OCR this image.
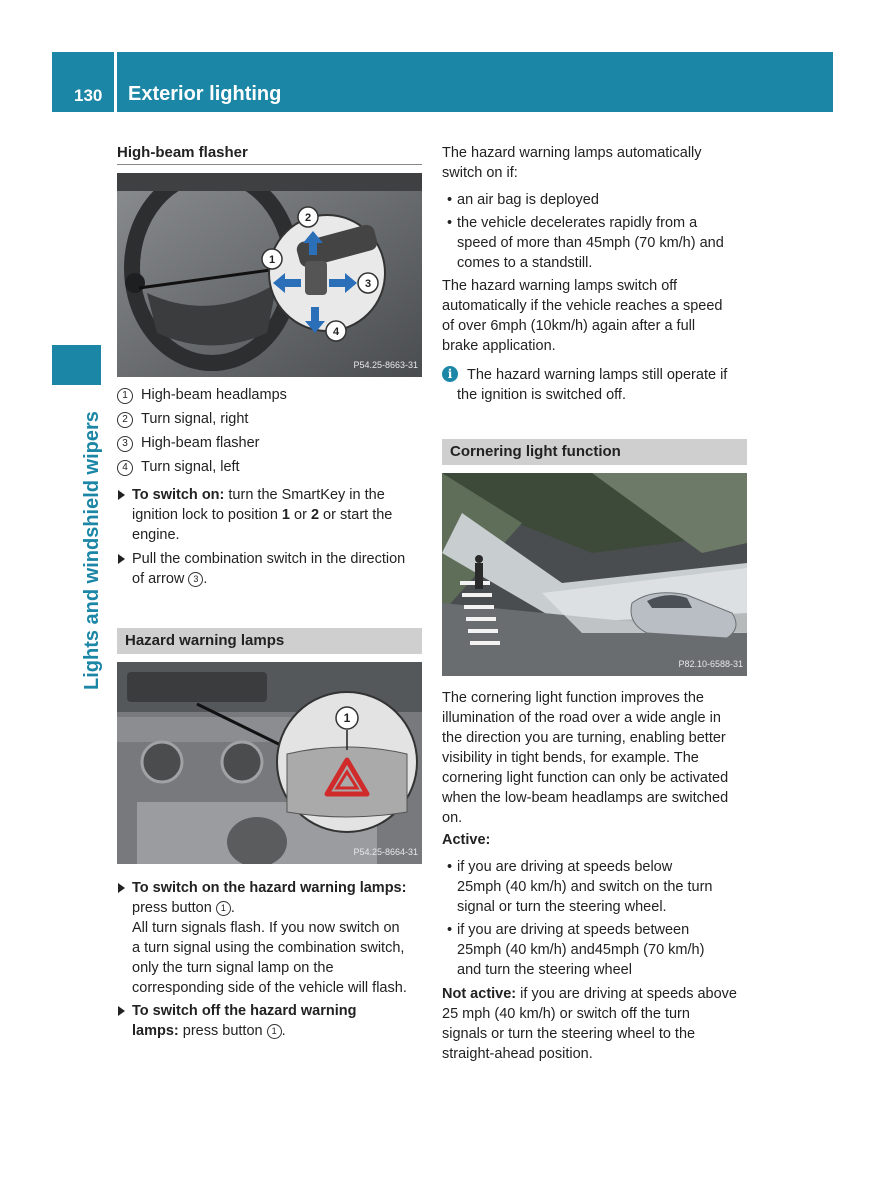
130 Exterior lighting
Lights and windshield wipers
High-beam flasher
2
1
3
4
P54.25-8663-31
1 High-beam headlamps
2 Turn signal, right
3 High-beam flasher
4 Turn signal, left
To switch on: turn the SmartKey in the
ignition lock to position 1 or 2 or start the
engine.
Pull the combination switch in the direction
of arrow 3 .
Hazard warning lamps
1
P54.25-8664-31
To switch on the hazard warning lamps:
press button 1 .
All turn signals flash. If you now switch on
a turn signal using the combination switch,
only the turn signal lamp on the
corresponding side of the vehicle will flash.
To switch off the hazard warning
lamps: press button 1 .
The hazard warning lamps automatically
switch on if:
• an air bag is deployed
• the vehicle decelerates rapidly from a
speed of more than 45mph (70 km/h) and
comes to a standstill.
The hazard warning lamps switch off
automatically if the vehicle reaches a speed
of over 6mph (10km/h) again after a full
brake application.
i	The hazard warning lamps still operate if
the ignition is switched off.
Cornering light function
P82.10-6588-31
The cornering light function improves the
illumination of the road over a wide angle in
the direction you are turning, enabling better
visibility in tight bends, for example. The
cornering light function can only be activated
when the low-beam headlamps are switched
on.
Active:
• if you are driving at speeds below
25mph (40 km/h) and switch on the turn
signal or turn the steering wheel.
• if you are driving at speeds between
25mph (40 km/h) and45mph (70 km/h)
and turn the steering wheel
Not active: if you are driving at speeds above
25 mph (40 km/h) or switch off the turn
signals or turn the steering wheel to the
straight-ahead position.
